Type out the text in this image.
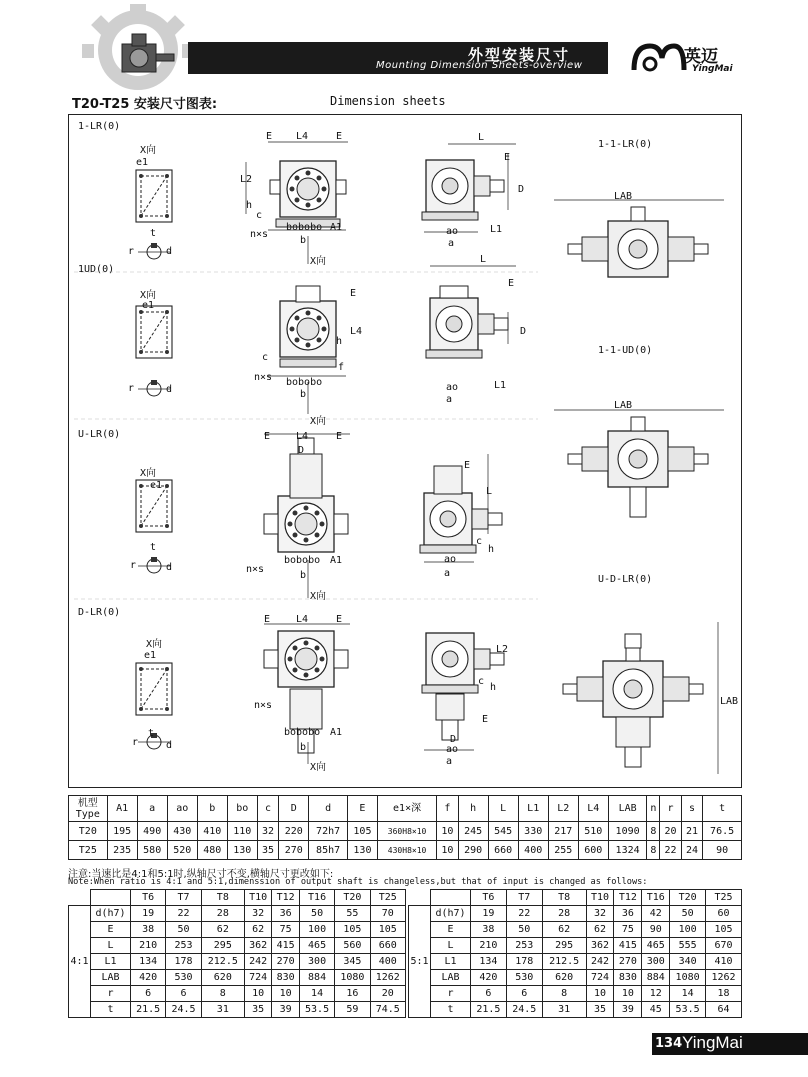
外型安装尺寸
Mounting Dimension Sheets-overview	英迈
YingMai
T20-T25 安装尺寸图表:	Dimension sheets
1-LR(0)
1UD(0)
U-LR(0)
D-LR(0)
1-1-LR(0)
1-1-UD(0)
U-D-LR(0)
E L4	E
L2
h
c
n×s
bobobo A1
b
X向
X向
e1
t
r	d
L
E
D
ao	L1
a
LAB
X向
e1
r	d
E
L4
h
c
n×s bobobo
f
b
X向
L
E
D
ao	L1
a
LAB
X向
e1
t
r	d
E	L4	E
D
n×s
bobobo A1
b
X向
E
L
c
h
ao
a
X向
e1
t
r	d
E	L4	E
n×s
bobobo A1
b
X向
L2
c
h
E
D
ao
a
LAB
机型
Type	A1	a	ao	b	bo	c	D	d	E	e1×深	f	h	L	L1	L2	L4	LAB	n	r	s	t
T20	195	490	430	410	110	32	220	72h7	105	360H8×10	10	245	545	330	217	510	1090	8	20	21	76.5
T25	235	580	520	480	130	35	270	85h7	130	430H8×10	10	290	660	400	255	600	1324	8	22	24	90
注意:当速比是4:1和5:1时,纵轴尺寸不变,横轴尺寸更改如下:
Note:When ratio is 4:1 and 5:1,dimenssion of output shaft is changeless,but that of input is changed as follows:
		T6	T7	T8	T10	T12	T16	T20	T25
4:1	d(h7)	19	22	28	32	36	50	55	70
	E	38	50	62	62	75	100	105	105
	L	210	253	295	362	415	465	560	660
	L1	134	178	212.5	242	270	300	345	400
	LAB	420	530	620	724	830	884	1080	1262
	r	6	6	8	10	10	14	16	20
	t	21.5	24.5	31	35	39	53.5	59	74.5
		T6	T7	T8	T10	T12	T16	T20	T25
5:1	d(h7)	19	22	28	32	36	42	50	60
	E	38	50	62	62	75	90	100	105
	L	210	253	295	362	415	465	555	670
	L1	134	178	212.5	242	270	300	340	410
	LAB	420	530	620	724	830	884	1080	1262
	r	6	6	8	10	10	12	14	18
	t	21.5	24.5	31	35	39	45	53.5	64
134 YingMai
